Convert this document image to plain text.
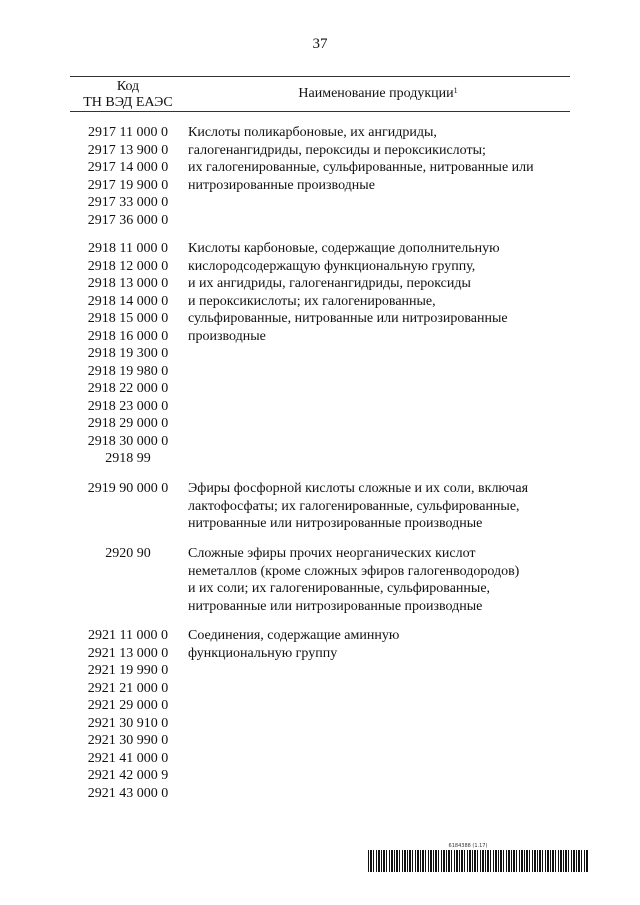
37
Код
ТН ВЭД ЕАЭС
Наименование продукции$^1$
2917 11 000 0
2917 13 900 0
2917 14 000 0
2917 19 900 0
2917 33 000 0
2917 36 000 0
Кислоты поликарбоновые, их ангидриды,
галогенангидриды, пероксиды и пероксикислоты;
их галогенированные, сульфированные, нитрованные или
нитрозированные производные
2918 11 000 0
2918 12 000 0
2918 13 000 0
2918 14 000 0
2918 15 000 0
2918 16 000 0
2918 19 300 0
2918 19 980 0
2918 22 000 0
2918 23 000 0
2918 29 000 0
2918 30 000 0
2918 99
Кислоты карбоновые, содержащие дополнительную
кислородсодержащую функциональную группу,
и их ангидриды, галогенангидриды, пероксиды
и пероксикислоты; их галогенированные,
сульфированные, нитрованные или нитрозированные
производные
2919 90 000 0	Эфиры фосфорной кислоты сложные и их соли, включая
лактофосфаты; их галогенированные, сульфированные,
нитрованные или нитрозированные производные
2920 90	Сложные эфиры прочих неорганических кислот
неметаллов (кроме сложных эфиров галогенводородов)
и их соли; их галогенированные, сульфированные,
нитрованные или нитрозированные производные
2921 11 000 0
2921 13 000 0
2921 19 990 0
2921 21 000 0
2921 29 000 0
2921 30 910 0
2921 30 990 0
2921 41 000 0
2921 42 000 9
2921 43 000 0
Соединения, содержащие аминную
функциональную группу
6184388 (1.17)
